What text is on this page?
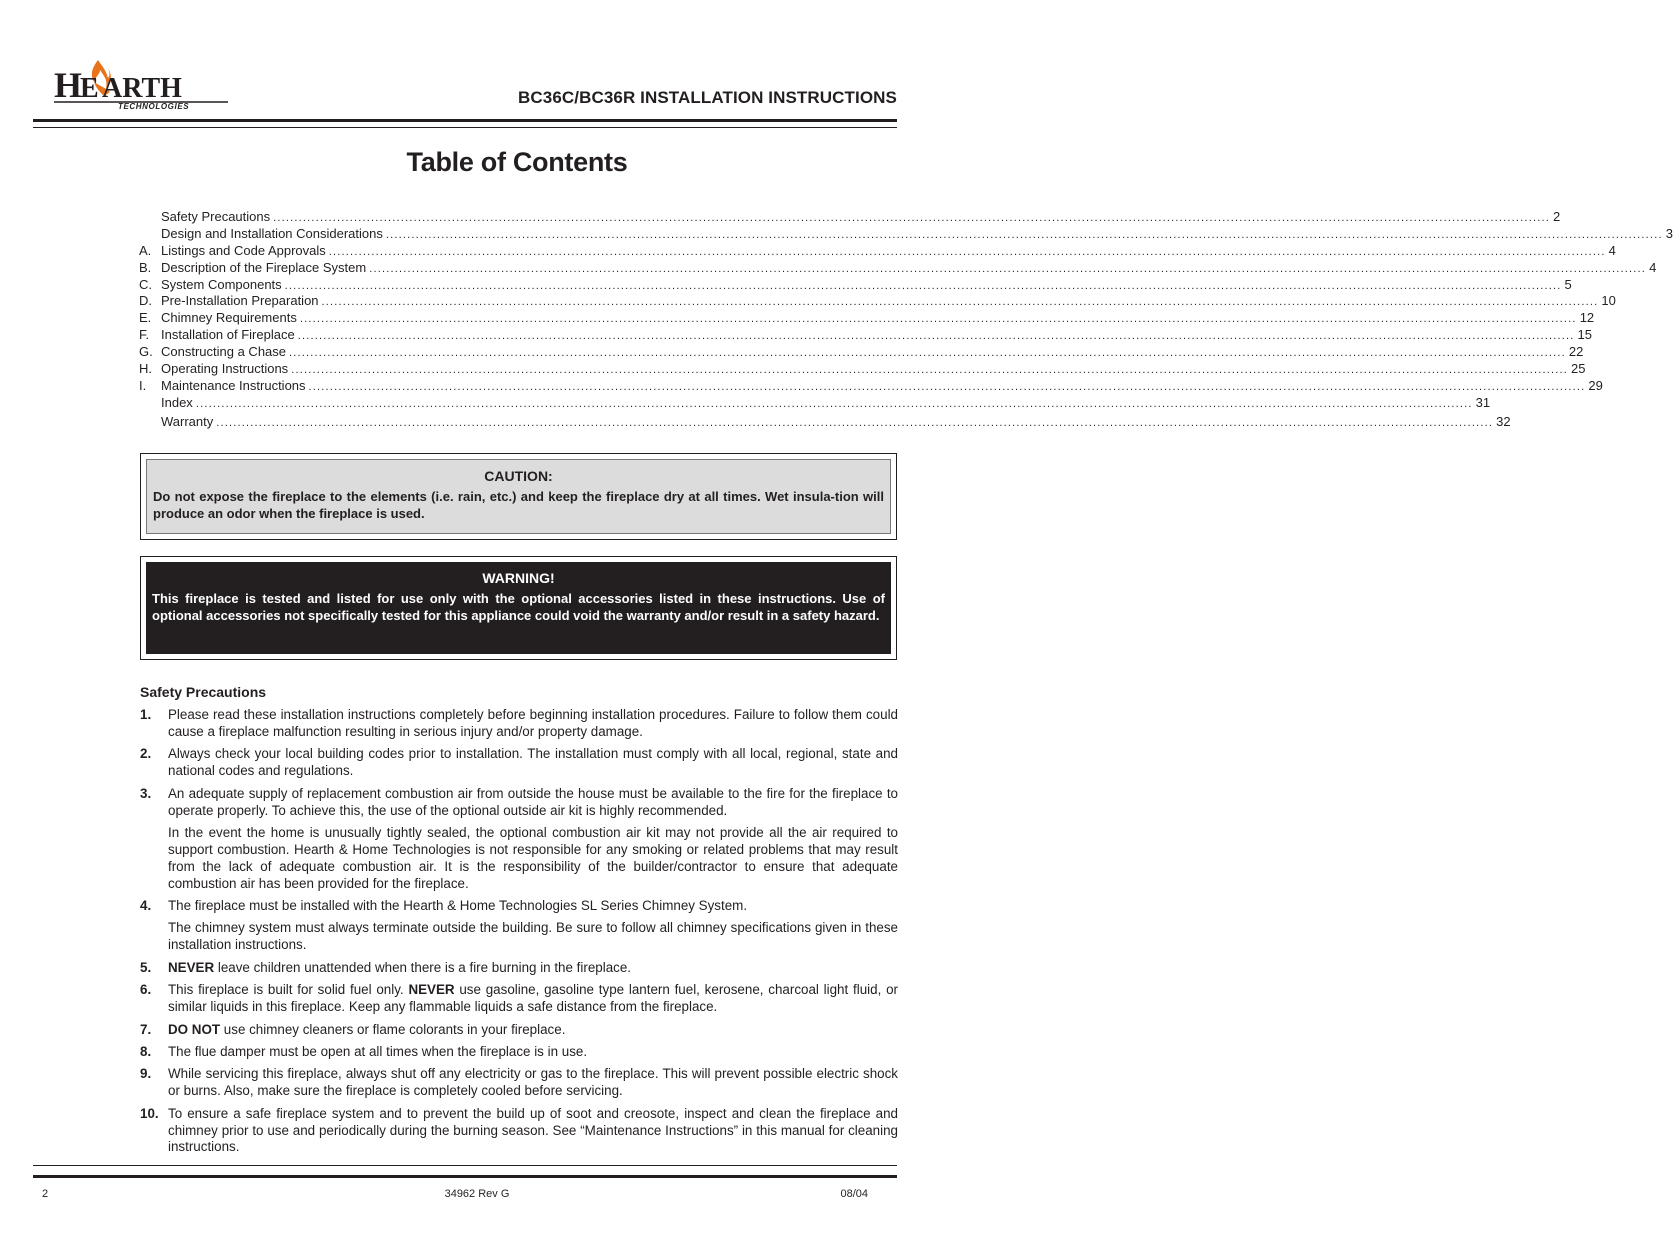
H
E ARTH
TECHNOLOGIES	BC36C/BC36R INSTALLATION INSTRUCTIONS
Table of Contents
Safety Precautions ............................................................................................................................................................................................................................................................................................................ 2
Design and Installation Considerations ............................................................................................................................................................................................................................................................................................................ 3
A. Listings and Code Approvals ............................................................................................................................................................................................................................................................................................................ 4
B. Description of the Fireplace System ............................................................................................................................................................................................................................................................................................................ 4
C. System Components ............................................................................................................................................................................................................................................................................................................ 5
D. Pre-Installation Preparation ............................................................................................................................................................................................................................................................................................................ 10
E. Chimney Requirements ............................................................................................................................................................................................................................................................................................................ 12
F. Installation of Fireplace ............................................................................................................................................................................................................................................................................................................ 15
G. Constructing a Chase ............................................................................................................................................................................................................................................................................................................ 22
H. Operating Instructions ............................................................................................................................................................................................................................................................................................................ 25
I.	Maintenance Instructions ............................................................................................................................................................................................................................................................................................................ 29
Index ............................................................................................................................................................................................................................................................................................................ 31
Warranty ............................................................................................................................................................................................................................................................................................................ 32
CAUTION:
Do not expose the fireplace to the elements (i.e. rain, etc.) and keep the fireplace dry at all times. Wet insula-tion will produce an odor when the fireplace is used.
WARNING!
This fireplace is tested and listed for use only with the optional accessories listed in these instructions. Use of optional accessories not specifically tested for this appliance could void the warranty and/or result in a safety hazard.
Safety Precautions
1.	Please read these installation instructions completely before beginning installation procedures. Failure to follow them could cause a fireplace malfunction resulting in serious injury and/or property damage.

2.	Always check your local building codes prior to installation. The installation must comply with all local, regional, state and national codes and regulations.

3.	An adequate supply of replacement combustion air from outside the house must be available to the fire for the fireplace to operate properly. To achieve this, the use of the optional outside air kit is highly recommended.

In the event the home is unusually tightly sealed, the optional combustion air kit may not provide all the air required to support combustion. Hearth & Home Technologies is not responsible for any smoking or related problems that may result from the lack of adequate combustion air. It is the responsibility of the builder/contractor to ensure that adequate combustion air has been provided for the fireplace.

4.	The fireplace must be installed with the Hearth & Home Technologies SL Series Chimney System.

The chimney system must always terminate outside the building. Be sure to follow all chimney specifications given in these installation instructions.

5.	NEVER leave children unattended when there is a fire burning in the fireplace.

6.	This fireplace is built for solid fuel only. NEVER use gasoline, gasoline type lantern fuel, kerosene, charcoal light fluid, or similar liquids in this fireplace. Keep any flammable liquids a safe distance from the fireplace.

7.	DO NOT use chimney cleaners or flame colorants in your fireplace.

8.	The flue damper must be open at all times when the fireplace is in use.

9.	While servicing this fireplace, always shut off any electricity or gas to the fireplace. This will prevent possible electric shock or burns. Also, make sure the fireplace is completely cooled before servicing.

10. To ensure a safe fireplace system and to prevent the build up of soot and creosote, inspect and clean the fireplace and chimney prior to use and periodically during the burning season. See “Maintenance Instructions” in this manual for cleaning instructions.

2	34962 Rev G	08/04
